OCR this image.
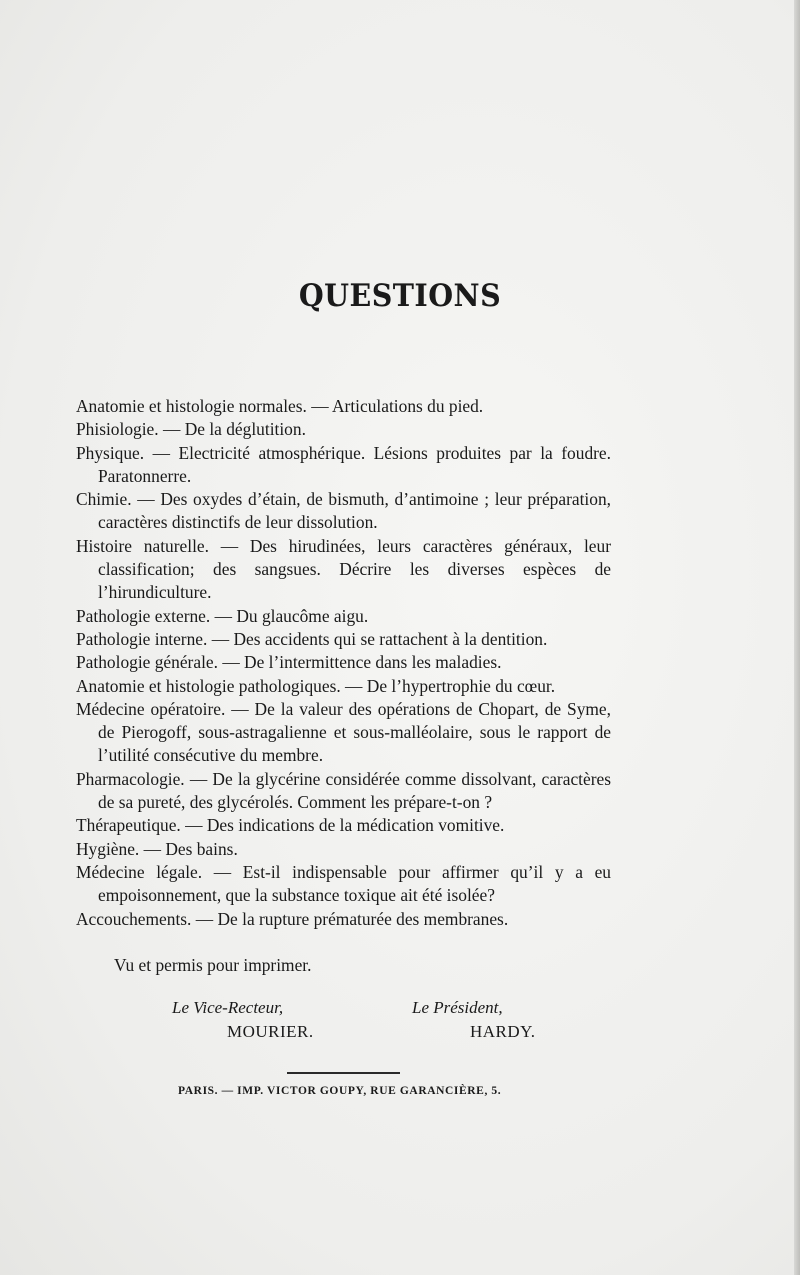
QUESTIONS

Anatomie et histologie normales. — Articulations du pied.

Phisiologie. — De la déglutition.

Physique. — Electricité atmosphérique. Lésions produites par la foudre. Paratonnerre.

Chimie. — Des oxydes d’étain, de bismuth, d’antimoine ; leur préparation, caractères distinctifs de leur dissolution.

Histoire naturelle. — Des hirudinées, leurs caractères généraux, leur classification; des sangsues. Décrire les diverses espèces de l’hirundiculture.

Pathologie externe. — Du glaucôme aigu.

Pathologie interne. — Des accidents qui se rattachent à la dentition.

Pathologie générale. — De l’intermittence dans les maladies.

Anatomie et histologie pathologiques. — De l’hypertrophie du cœur.

Médecine opératoire. — De la valeur des opérations de Chopart, de Syme, de Pierogoff, sous-astragalienne et sous-malléolaire, sous le rapport de l’utilité consécutive du membre.

Pharmacologie. — De la glycérine considérée comme dissolvant, caractères de sa pureté, des glycérolés. Comment les prépare-t-on ?

Thérapeutique. — Des indications de la médication vomitive.

Hygiène. — Des bains.

Médecine légale. — Est-il indispensable pour affirmer qu’il y a eu empoisonnement, que la substance toxique ait été isolée?

Accouchements. — De la rupture prématurée des membranes.

Vu et permis pour imprimer.
Le Vice-Recteur,
MOURIER.
Le Président,
HARDY.
PARIS. — IMP. VICTOR GOUPY, RUE GARANCIÈRE, 5.
